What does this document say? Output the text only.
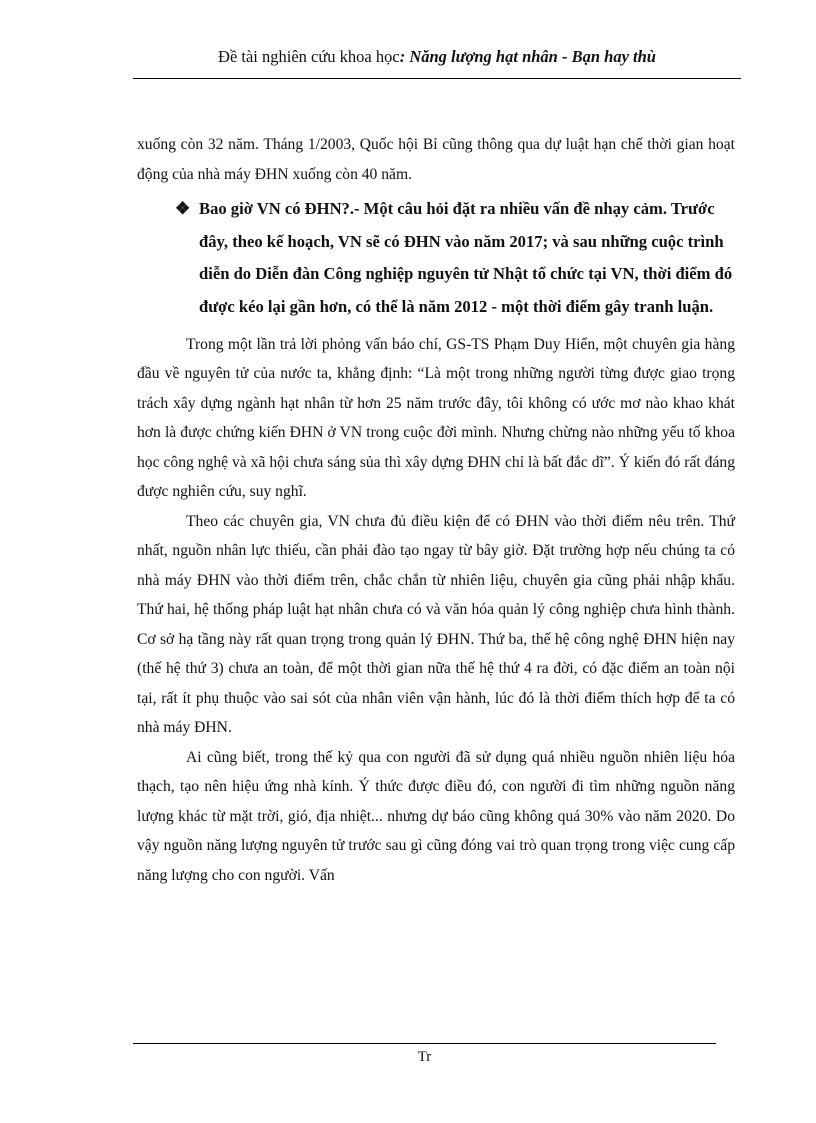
Đề tài nghiên cứu khoa học: Năng lượng hạt nhân - Bạn hay thù

xuống còn 32 năm. Tháng 1/2003, Quốc hội Bỉ cũng thông qua dự luật hạn chế thời gian hoạt động của nhà máy ĐHN xuống còn 40 năm.

❖ Bao giờ VN có ĐHN?.- Một câu hỏi đặt ra nhiều vấn đề nhạy cảm. Trước đây, theo kế hoạch, VN sẽ có ĐHN vào năm 2017; và sau những cuộc trình diễn do Diễn đàn Công nghiệp nguyên tử Nhật tổ chức tại VN, thời điểm đó được kéo lại gần hơn, có thể là năm 2012 - một thời điểm gây tranh luận.

Trong một lần trả lời phỏng vấn báo chí, GS-TS Phạm Duy Hiển, một chuyên gia hàng đầu về nguyên tử của nước ta, khẳng định: “Là một trong những người từng được giao trọng trách xây dựng ngành hạt nhân từ hơn 25 năm trước đây, tôi không có ước mơ nào khao khát hơn là được chứng kiến ĐHN ở VN trong cuộc đời mình. Nhưng chừng nào những yếu tố khoa học công nghệ và xã hội chưa sáng sủa thì xây dựng ĐHN chỉ là bất đắc dĩ”. Ý kiến đó rất đáng được nghiên cứu, suy nghĩ.

Theo các chuyên gia, VN chưa đủ điều kiện để có ĐHN vào thời điểm nêu trên. Thứ nhất, nguồn nhân lực thiếu, cần phải đào tạo ngay từ bây giờ. Đặt trường hợp nếu chúng ta có nhà máy ĐHN vào thời điểm trên, chắc chắn từ nhiên liệu, chuyên gia cũng phải nhập khẩu. Thứ hai, hệ thống pháp luật hạt nhân chưa có và văn hóa quản lý công nghiệp chưa hình thành. Cơ sở hạ tầng này rất quan trọng trong quản lý ĐHN. Thứ ba, thế hệ công nghệ ĐHN hiện nay (thế hệ thứ 3) chưa an toàn, để một thời gian nữa thế hệ thứ 4 ra đời, có đặc điểm an toàn nội tại, rất ít phụ thuộc vào sai sót của nhân viên vận hành, lúc đó là thời điểm thích hợp để ta có nhà máy ĐHN.

Ai cũng biết, trong thế kỷ qua con người đã sử dụng quá nhiều nguồn nhiên liệu hóa thạch, tạo nên hiệu ứng nhà kính. Ý thức được điều đó, con người đi tìm những nguồn năng lượng khác từ mặt trời, gió, địa nhiệt... nhưng dự báo cũng không quá 30% vào năm 2020. Do vậy nguồn năng lượng nguyên tử trước sau gì cũng đóng vai trò quan trọng trong việc cung cấp năng lượng cho con người. Vấn

Tr
